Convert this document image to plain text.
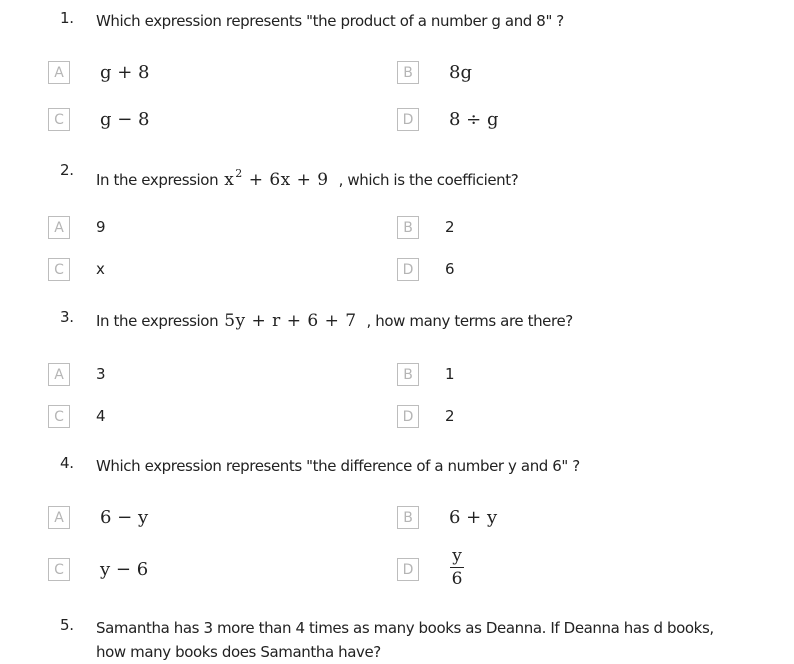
1. Which expression represents "the product of a number g and 8" ?
A	g + 8	B	8g
C	g − 8	D	8 ÷ g
2.
In the expression $x^2 + 6x + 9$ , which is the coefficient?
A	9	B	2
C	x	D	6
3. In the expression 5y + r + 6 + 7 , how many terms are there?
A	3	B	1
C	4	D	2
4. Which expression represents "the difference of a number y and 6" ?
A	6 − y	B	6 + y
C	y − 6	D	$\frac{y}{6}$
5. Samantha has 3 more than 4 times as many books as Deanna. If Deanna has d books, how many books does Samantha have?
